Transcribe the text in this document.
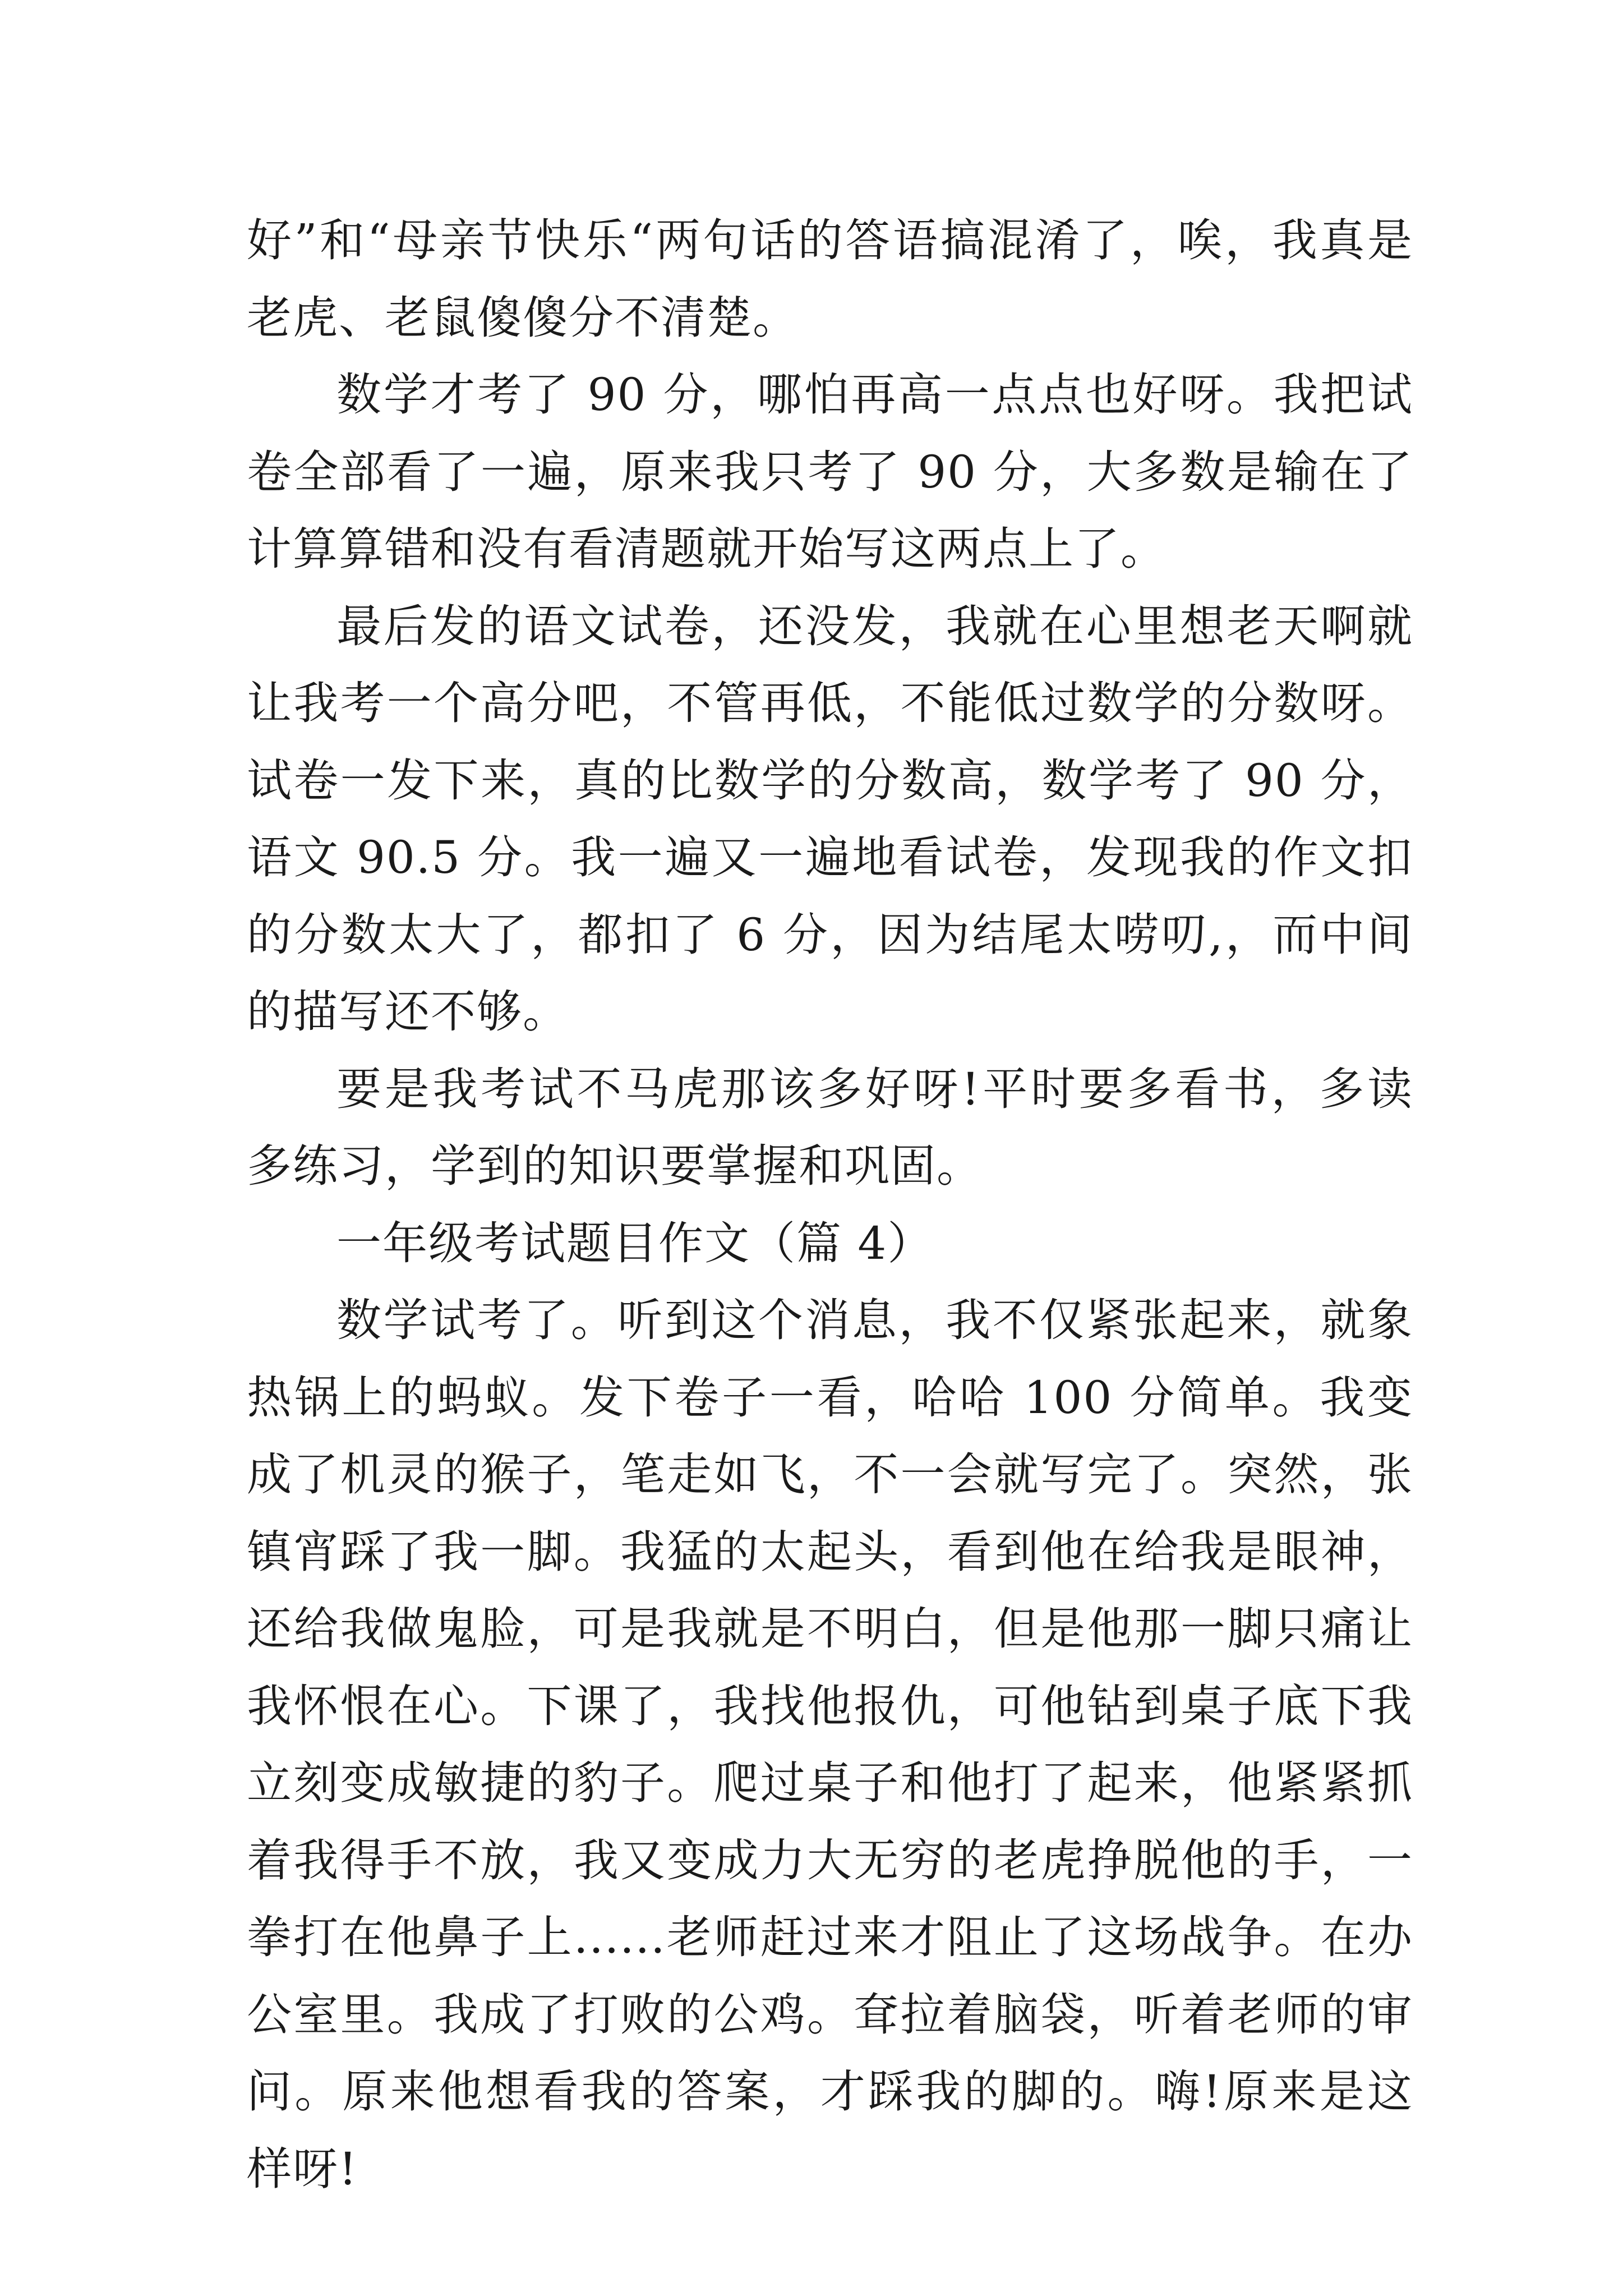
好”和“母亲节快乐“两句话的答语搞混淆了，唉，我真是老虎、老鼠傻傻分不清楚。

数学才考了 90 分，哪怕再高一点点也好呀。我把试卷全部看了一遍，原来我只考了 90 分，大多数是输在了计算算错和没有看清题就开始写这两点上了。

最后发的语文试卷，还没发，我就在心里想老天啊就让我考一个高分吧，不管再低，不能低过数学的分数呀。试卷一发下来，真的比数学的分数高，数学考了 90 分，语文 90.5 分。我一遍又一遍地看试卷，发现我的作文扣的分数太大了，都扣了 6 分，因为结尾太唠叨,，而中间的描写还不够。

要是我考试不马虎那该多好呀!平时要多看书，多读多练习，学到的知识要掌握和巩固。

一年级考试题目作文（篇 4）

数学试考了。听到这个消息，我不仅紧张起来，就象热锅上的蚂蚁。发下卷子一看，哈哈 100 分简单。我变成了机灵的猴子，笔走如飞，不一会就写完了。突然，张镇宵踩了我一脚。我猛的太起头，看到他在给我是眼神，还给我做鬼脸，可是我就是不明白，但是他那一脚只痛让我怀恨在心。下课了，我找他报仇，可他钻到桌子底下我立刻变成敏捷的豹子。爬过桌子和他打了起来，他紧紧抓着我得手不放，我又变成力大无穷的老虎挣脱他的手，一拳打在他鼻子上......老师赶过来才阻止了这场战争。在办公室里。我成了打败的公鸡。耷拉着脑袋，听着老师的审问。原来他想看我的答案，才踩我的脚的。嗨!原来是这样呀!
